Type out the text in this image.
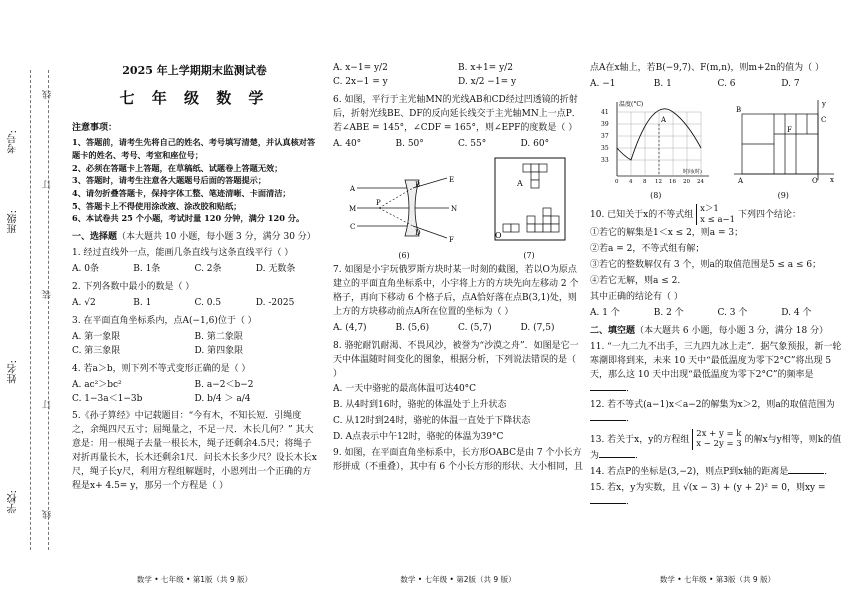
考号:
班级:
姓名:
学校:
线
订
装
订
线
2025 年上学期期末监测试卷
七 年 级 数 学
注意事项：
1、答题前，请考生先将自己的姓名、考号填写清楚，并认真核对答题卡的姓名、考号、考室和座位号；
2、必须在答题卡上答题，在草稿纸、试题卷上答题无效；
3、答题时，请考生注意各大题题号后面的答题提示；
4、请勿折叠答题卡，保持字体工整、笔迹清晰、卡面清洁；
5、答题卡上不得使用涂改液、涂改胶和贴纸；
6、本试卷共 25 个小题，考试时量 120 分钟，满分 120 分。
一、选择题（本大题共 10 小题，每小题 3 分，满分 30 分）
1. 经过直线外一点，能画几条直线与这条直线平行（ ）
A. 0条	B. 1条	C. 2条	D. 无数条
2. 下列各数中最小的数是（ ）
A. √2	B. 1	C. 0.5	D. -2025
3. 在平面直角坐标系内，点A(−1,6)位于（ ）
A. 第一象限	B. 第二象限
C. 第三象限	D. 第四象限
4. 若a＞b，则下列不等式变形正确的是（ ）
A. ac²＞bc²	B. a−2＜b−2
C. 1−3a＜1−3b	D. b/4 ＞ a/4
5.《孙子算经》中记载题目：“今有木，不知长短．引绳度之，余绳四尺五寸；屈绳量之，不足一尺．木长几何？” 其大意是：用一根绳子去量一根长木，绳子还剩余4.5尺；将绳子对折再量长木，长木还剩余1尺．问长木长多少尺？设长木长x尺，绳子长y尺，利用方程组解题时，小恩列出一个正确的方程是x+ 4.5= y，那另一个方程是（ ）
数学 • 七年级 • 第1版（共 9 版）
A. x−1= y/2	B. x+1= y/2
C. 2x−1 = y	D. x/2 −1= y
6. 如图，平行于主光轴MN的光线AB和CD经过凹透镜的折射后，折射光线BE、DF的反向延长线交于主光轴MN上一点P．若∠ABE = 145°，∠CDF = 165°，则∠EPF的度数是（ ）
A. 40°	B. 50°	C. 55°	D. 60°
A
M
C
P
B
D
E
N
F
(6)
A
O
(7)
7. 如图是小宇玩俄罗斯方块时某一时刻的截图，若以O为原点建立的平面直角坐标系中，小宇将上方的方块先向左移动 2 个格子，再向下移动 6 个格子后，点A恰好落在点B(3,1)处，则上方的方块移动前点A所在位置的坐标为（ ）
A. (4,7)	B. (5,6)	C. (5,7)	D. (7,5)
8. 骆驼耐饥耐渴、不畏风沙，被誉为“沙漠之舟”．如图是它一天中体温随时间变化的图象，根据分析，下列说法错误的是（ ）
A. 一天中骆驼的最高体温可达40°C
B. 从4时到16时，骆驼的体温处于上升状态
C. 从12时到24时，骆驼的体温一直处于下降状态
D. A点表示中午12时，骆驼的体温为39°C
9. 如图，在平面直角坐标系中，长方形OABC是由 7 个小长方形拼成（不重叠），其中有 6 个小长方形的形状、大小相同，且
数学 • 七年级 • 第2版（共 9 版）
点A在x轴上，若B(−9,7)、F(m,n)，则m+2n的值为（ ）
A. −1	B. 1	C. 6	D. 7
温度(°C)
41
39
37
35
33
0 4 8 12 16 20 24
时间(时)
A
(8)
y
B
C
F
A	O x
(9)
10. 已知关于x的不等式组 x＞1
x ≤ a−1 下列四个结论：
①若它的解集是1＜x ≤ 2，则a = 3；
②若a = 2，不等式组有解；
③若它的整数解仅有 3 个，则a的取值范围是5 ≤ a ≤ 6；
④若它无解，则a ≤ 2．
其中正确的结论有（ ）
A. 1 个	B. 2 个	C. 3 个	D. 4 个
二、填空题（本大题共 6 小题，每小题 3 分，满分 18 分）
11. “一九二九不出手，三九四九冰上走”．据气象预报，新一轮寒潮即将到来，未来 10 天中“最低温度为零下2°C”将出现 5 天，那么这 10 天中出现“最低温度为零下2°C”的频率是．
12. 若不等式(a−1)x＜a−2的解集为x＞2，则a的取值范围为．
13. 若关于x，y的方程组 2x + y = k
x − 2y = 3 的解x与y相等，则k的值为	．
14. 若点P的坐标是(3,−2)，则点P到x轴的距离是	．
15. 若x，y为实数，且 √(x − 3) + (y + 2)² = 0，则xy =．
数学 • 七年级 • 第3版（共 9 版）
